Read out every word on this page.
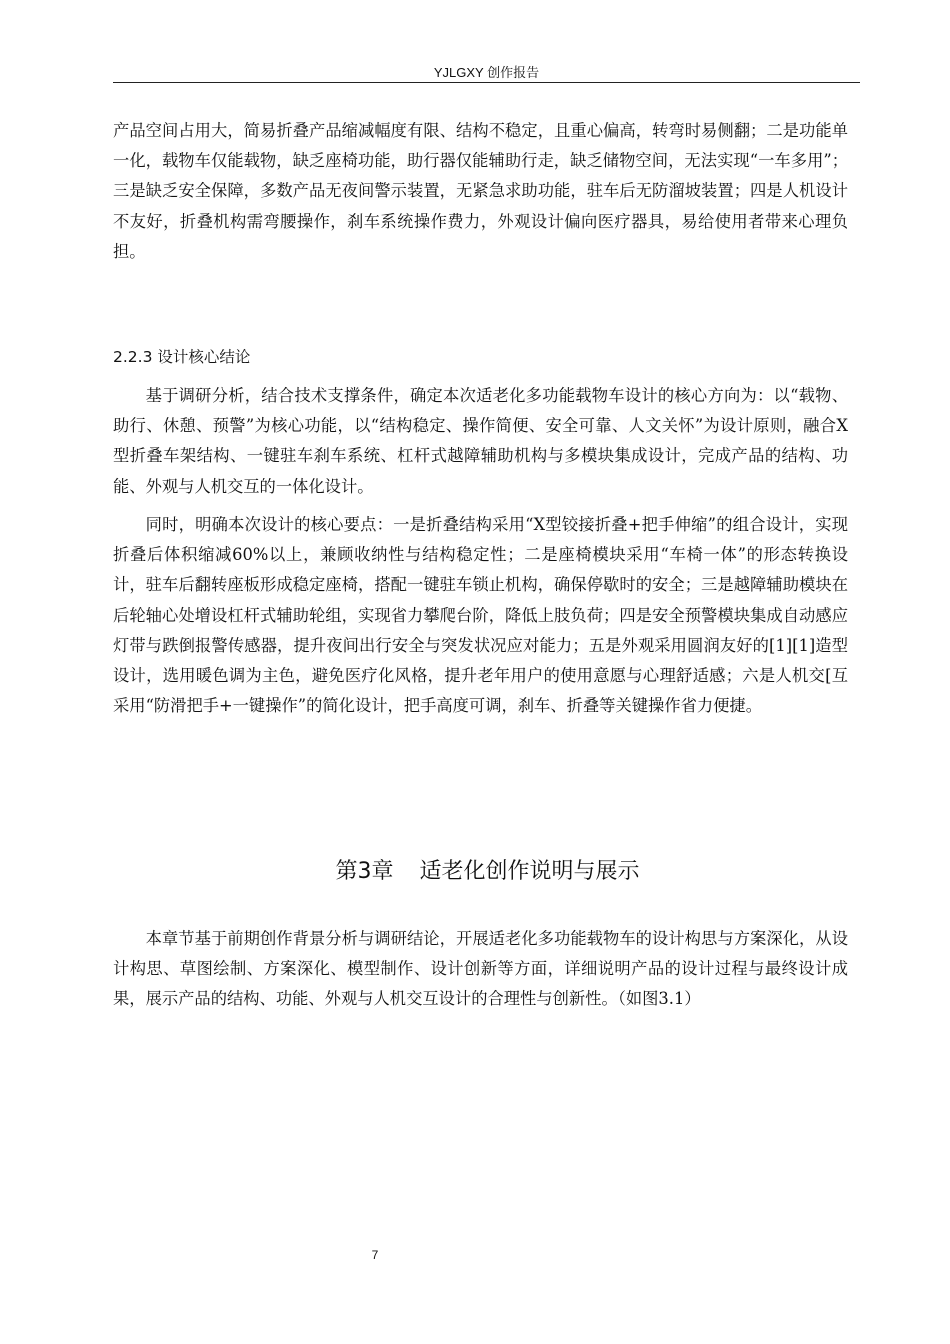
YJLGXY 创作报告

产品空间占用大，简易折叠产品缩减幅度有限、结构不稳定，且重心偏高，转弯时易侧翻；二是功能单一化，载物车仅能载物，缺乏座椅功能，助行器仅能辅助行走，缺乏储物空间，无法实现“一车多用”；三是缺乏安全保障，多数产品无夜间警示装置，无紧急求助功能，驻车后无防溜坡装置；四是人机设计不友好，折叠机构需弯腰操作，刹车系统操作费力，外观设计偏向医疗器具，易给使用者带来心理负担。

2.2.3 设计核心结论

基于调研分析，结合技术支撑条件，确定本次适老化多功能载物车设计的核心方向为：以“载物、助行、休憩、预警”为核心功能，以“结构稳定、操作简便、安全可靠、人文关怀”为设计原则，融合X型折叠车架结构、一键驻车刹车系统、杠杆式越障辅助机构与多模块集成设计，完成产品的结构、功能、外观与人机交互的一体化设计。

同时，明确本次设计的核心要点：一是折叠结构采用“X型铰接折叠+把手伸缩”的组合设计，实现折叠后体积缩减60%以上，兼顾收纳性与结构稳定性；二是座椅模块采用“车椅一体”的形态转换设计，驻车后翻转座板形成稳定座椅，搭配一键驻车锁止机构，确保停歇时的安全；三是越障辅助模块在后轮轴心处增设杠杆式辅助轮组，实现省力攀爬台阶，降低上肢负荷；四是安全预警模块集成自动感应灯带与跌倒报警传感器，提升夜间出行安全与突发状况应对能力；五是外观采用圆润友好的[1][1]造型设计，选用暖色调为主色，避免医疗化风格，提升老年用户的使用意愿与心理舒适感；六是人机交[互采用“防滑把手+一键操作”的简化设计，把手高度可调，刹车、折叠等关键操作省力便捷。

第3章 适老化创作说明与展示

本章节基于前期创作背景分析与调研结论，开展适老化多功能载物车的设计构思与方案深化，从设计构思、草图绘制、方案深化、模型制作、设计创新等方面，详细说明产品的设计过程与最终设计成果，展示产品的结构、功能、外观与人机交互设计的合理性与创新性。（如图3.1）

7
